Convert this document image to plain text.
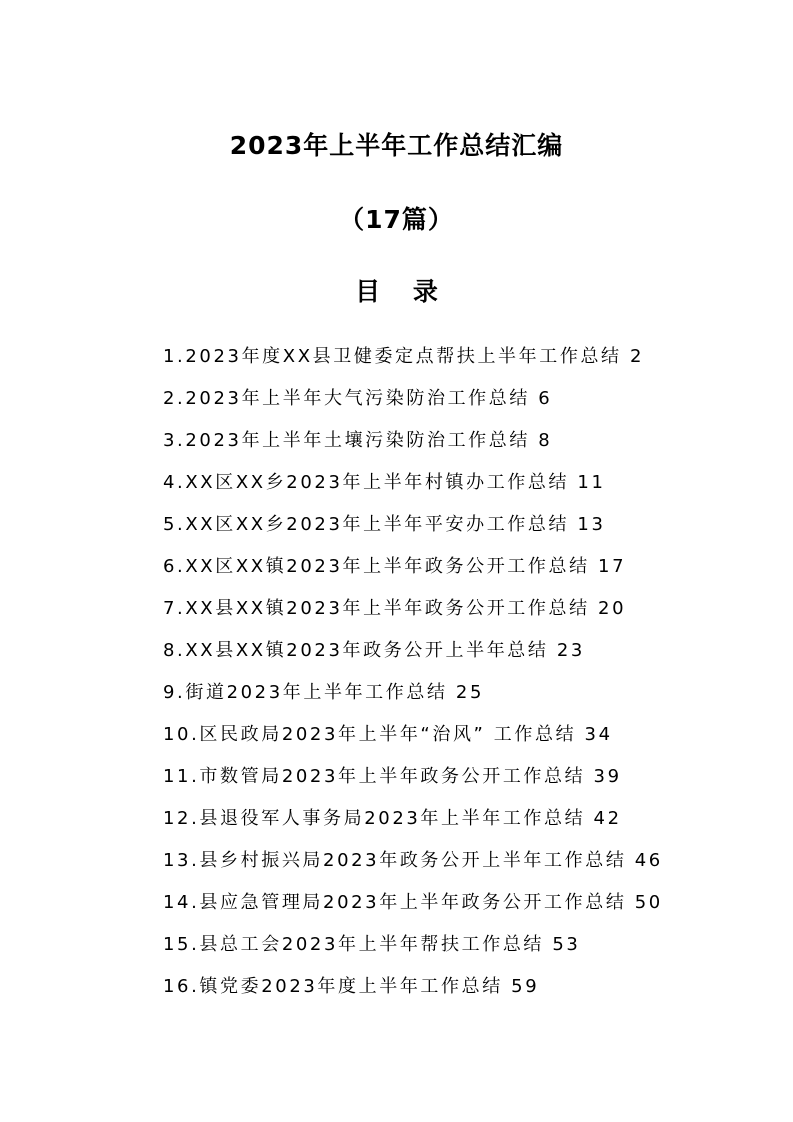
2023年上半年工作总结汇编
（17篇）
目 录
1.2023年度XX县卫健委定点帮扶上半年工作总结 2
2.2023年上半年大气污染防治工作总结 6
3.2023年上半年土壤污染防治工作总结 8
4.XX区XX乡2023年上半年村镇办工作总结 11
5.XX区XX乡2023年上半年平安办工作总结 13
6.XX区XX镇2023年上半年政务公开工作总结 17
7.XX县XX镇2023年上半年政务公开工作总结 20
8.XX县XX镇2023年政务公开上半年总结 23
9.街道2023年上半年工作总结 25
10.区民政局2023年上半年“治风” 工作总结 34
11.市数管局2023年上半年政务公开工作总结 39
12.县退役军人事务局2023年上半年工作总结 42
13.县乡村振兴局2023年政务公开上半年工作总结 46
14.县应急管理局2023年上半年政务公开工作总结 50
15.县总工会2023年上半年帮扶工作总结 53
16.镇党委2023年度上半年工作总结 59
